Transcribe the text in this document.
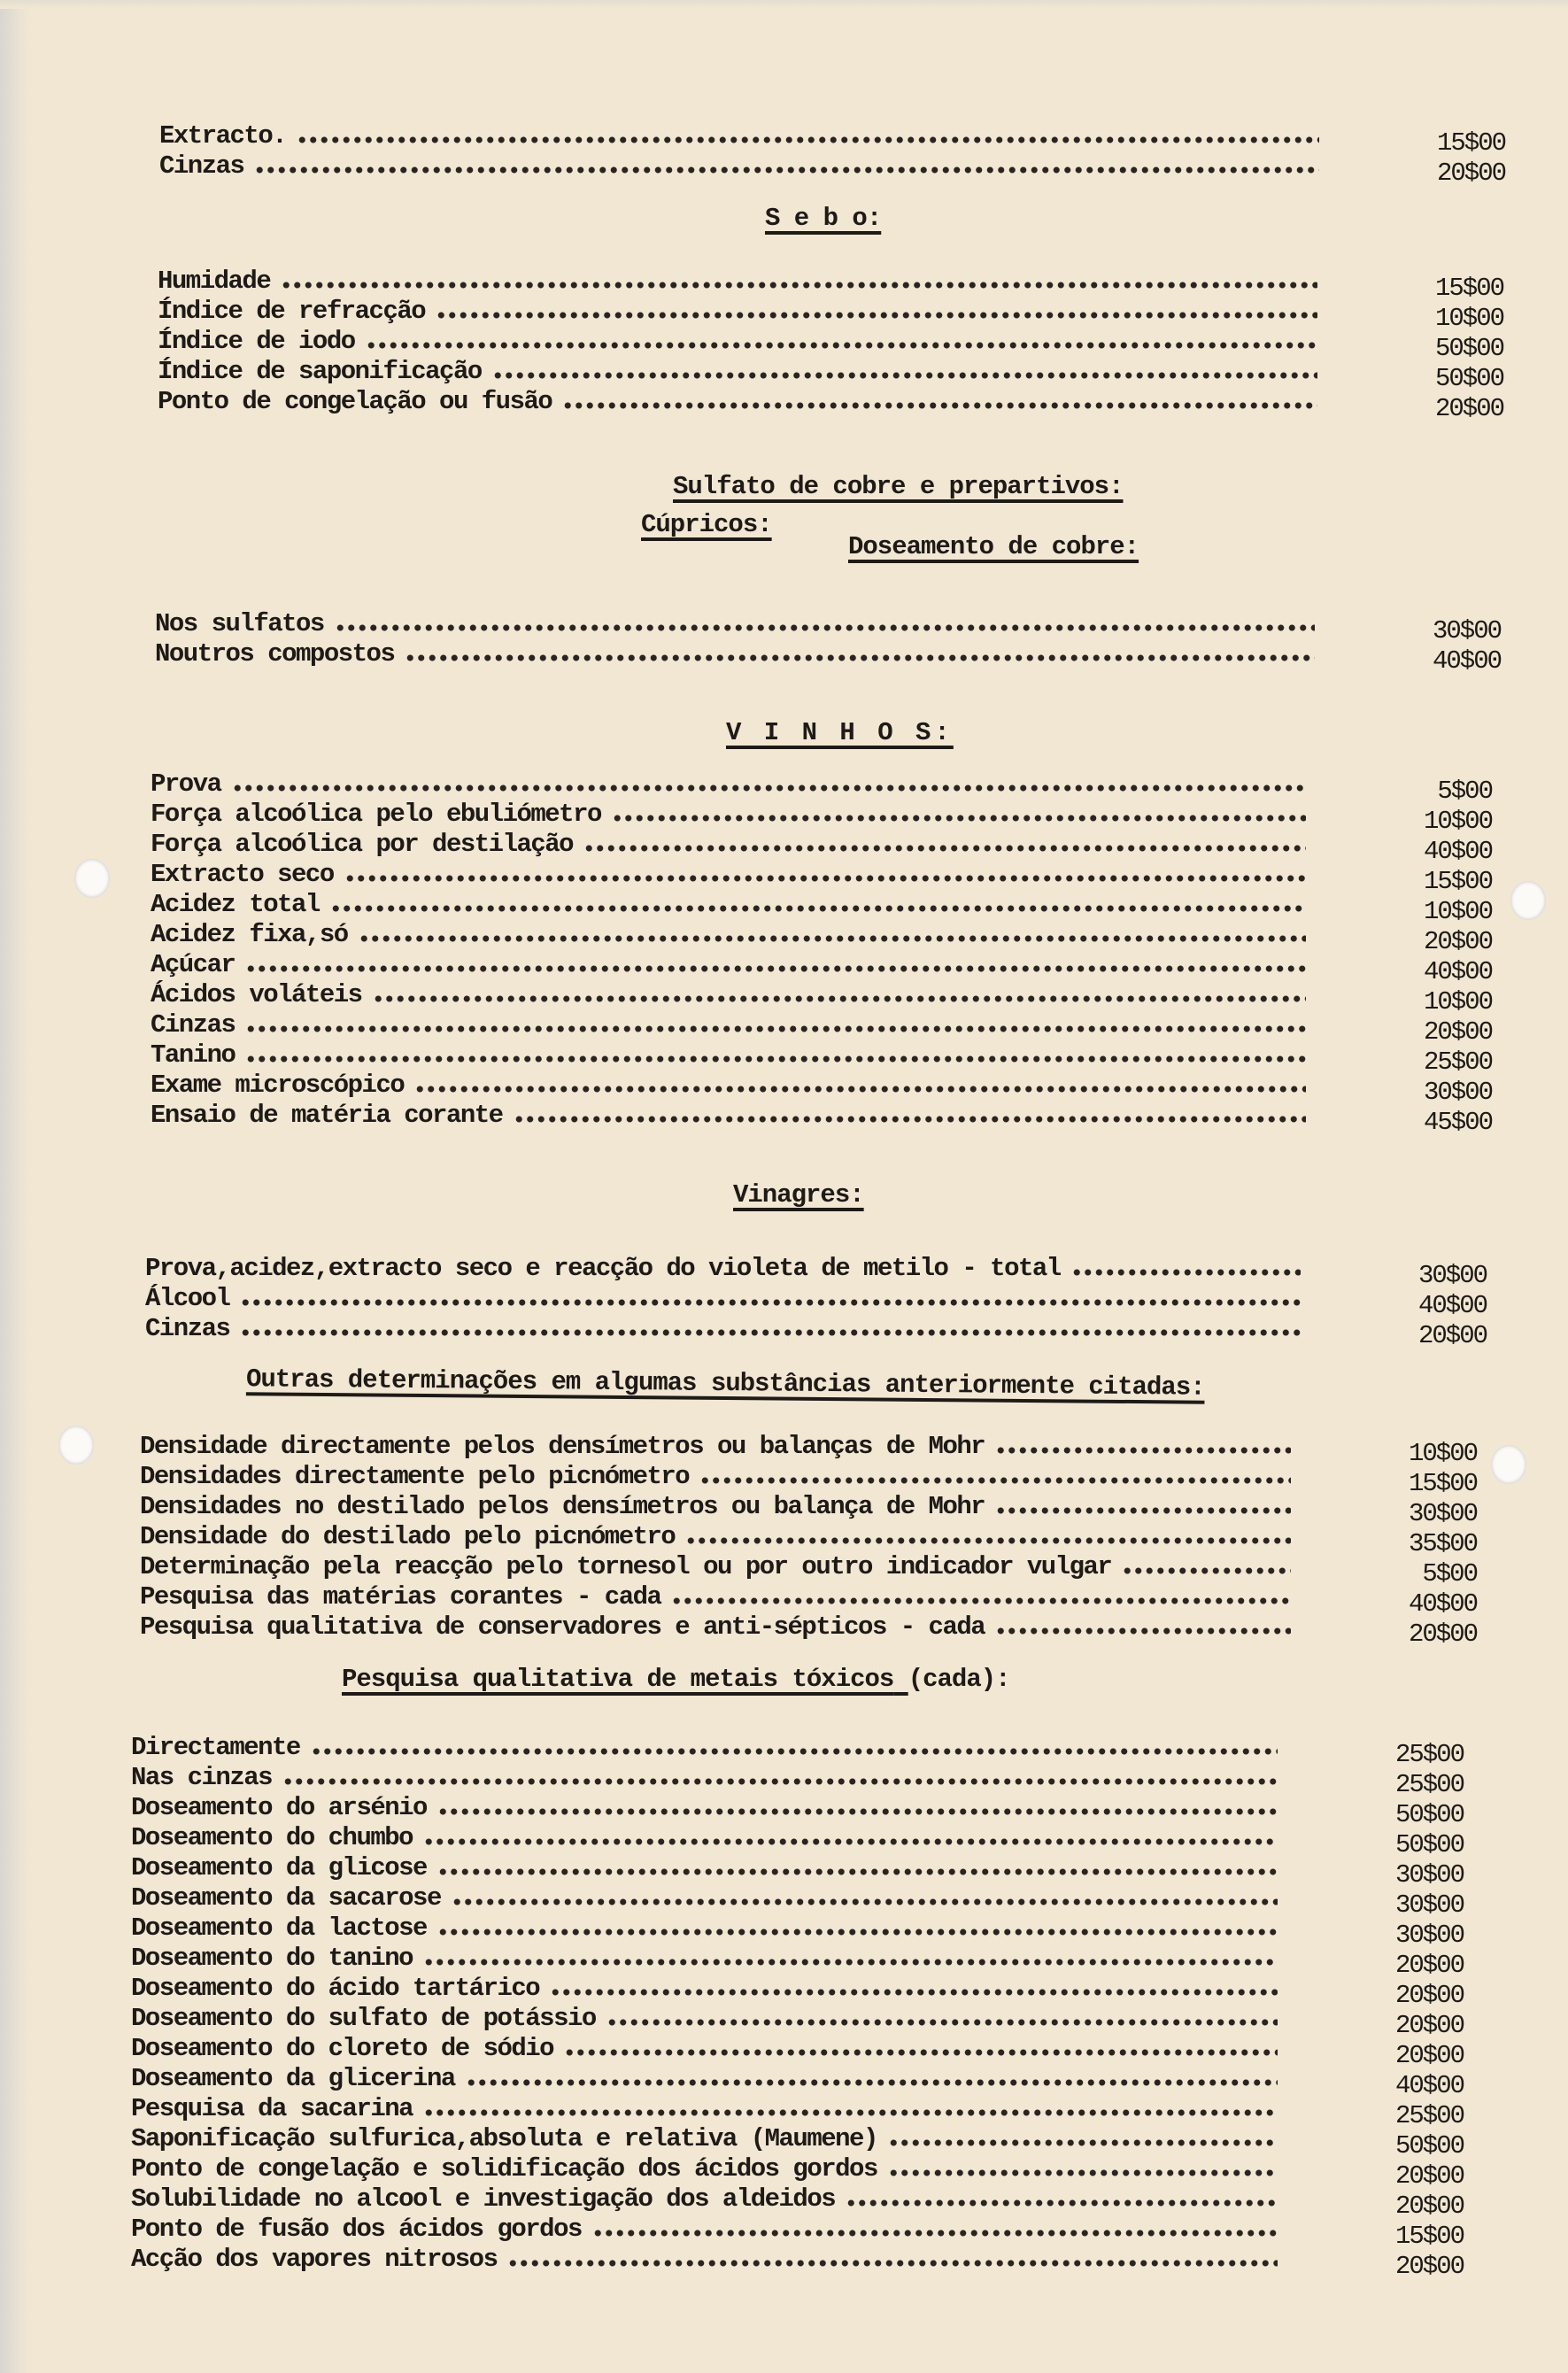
Extracto.	15$00
Cinzas	20$00
S e b o:
Humidade	15$00
Índice de refracção	10$00
Índice de iodo	50$00
Índice de saponificação	50$00
Ponto de congelação ou fusão	20$00
Sulfato de cobre e prepartivos:
Cúpricos:
Doseamento de cobre:
Nos sulfatos	30$00
Noutros compostos	40$00
V I N H O S:
Prova	5$00
Força alcoólica pelo ebuliómetro	10$00
Força alcoólica por destilação	40$00
Extracto seco	15$00
Acidez total	10$00
Acidez fixa,só	20$00
Açúcar	40$00
Ácidos voláteis	10$00
Cinzas	20$00
Tanino	25$00
Exame microscópico	30$00
Ensaio de matéria corante	45$00
Vinagres:
Prova,acidez,extracto seco e reacção do violeta de metilo - total	30$00
Álcool	40$00
Cinzas	20$00
Outras determinações em algumas substâncias anteriormente citadas:
Densidade directamente pelos densímetros ou balanças de Mohr	10$00
Densidades directamente pelo picnómetro	15$00
Densidades no destilado pelos densímetros ou balança de Mohr	30$00
Densidade do destilado pelo picnómetro	35$00
Determinação pela reacção pelo tornesol ou por outro indicador vulgar	5$00
Pesquisa das matérias corantes - cada	40$00
Pesquisa qualitativa de conservadores e anti-sépticos - cada	20$00
Pesquisa qualitativa de metais tóxicos (cada):
Directamente	25$00
Nas cinzas	25$00
Doseamento do arsénio	50$00
Doseamento do chumbo	50$00
Doseamento da glicose	30$00
Doseamento da sacarose	30$00
Doseamento da lactose	30$00
Doseamento do tanino	20$00
Doseamento do ácido tartárico	20$00
Doseamento do sulfato de potássio	20$00
Doseamento do cloreto de sódio	20$00
Doseamento da glicerina	40$00
Pesquisa da sacarina	25$00
Saponificação sulfurica,absoluta e relativa (Maumene)	50$00
Ponto de congelação e solidificação dos ácidos gordos	20$00
Solubilidade no alcool e investigação dos aldeidos	20$00
Ponto de fusão dos ácidos gordos	15$00
Acção dos vapores nitrosos	20$00
